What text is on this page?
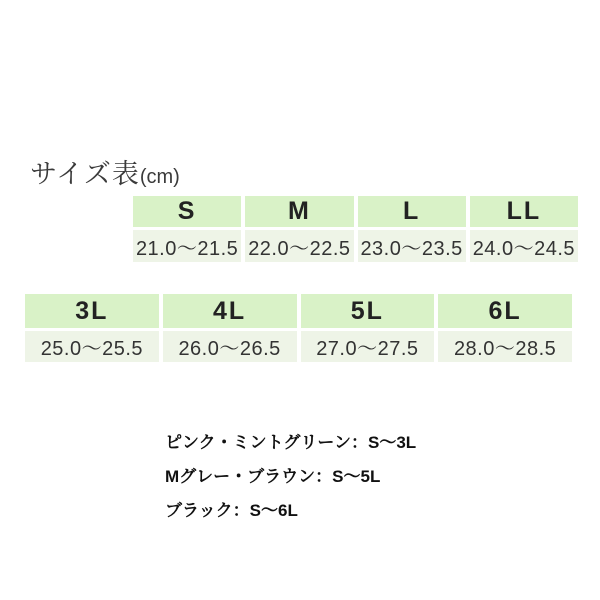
サイズ表(cm)
S	M	L	LL
21.0～21.5 22.0～22.5 23.0～23.5 24.0～24.5
3L	4L	5L	6L
25.0～25.5	26.0～26.5	27.0～27.5	28.0～28.5

ピンク・ミントグリーン：S～3L

Mグレー・ブラウン：S～5L

ブラック：S～6L
